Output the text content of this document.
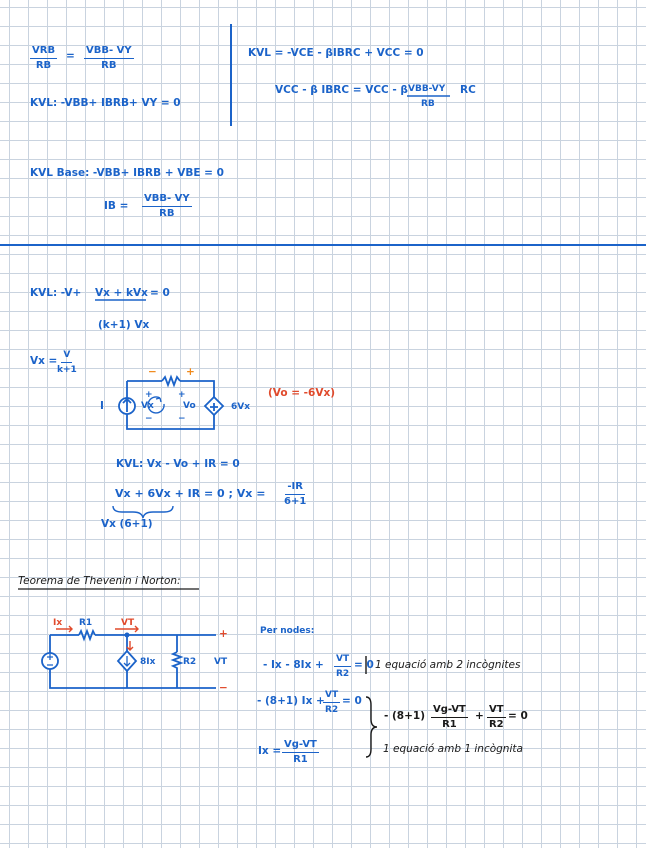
VRB
RB
= VBB- VY
RB
KVL: -VBB+ IBRB+ VY = 0
KVL = -VCE - βIBRC + VCC = 0
VCC - β IBRC = VCC - β VBB-VY
RB
RC
KVL Base: -VBB+ IBRB + VBE = 0
IB =
VBB- VY
RB
KVL: -V+ Vx + kVx = 0
(k+1) Vx
$Vx = \frac{V}{k+1}$
I	Vx
+
−
Vo
+
−
−	+
6Vx
(Vo = -6Vx)
KVL: Vx - Vo + IR = 0
Vx + 6Vx + IR = 0 ; $Vx = \frac{-IR}{6+1}$
Vx (6+1)
Teorema de Thevenin i Norton:
Ix R1	VT
8Ix	R2 VT
+
−
Per nodes:
- $Ix - 8Ix + \frac{VT}{R2} = 0$ 1 equació amb 2 incògnites
- (8+1) Ix +
$\frac{VT}{R2} = 0$
- $(8+1) \frac{Vg-VT}{R1} + \frac{VT}{R2} = 0$
$Ix = \frac{Vg-VT}{R1}$	1 equació amb 1 incògnita
